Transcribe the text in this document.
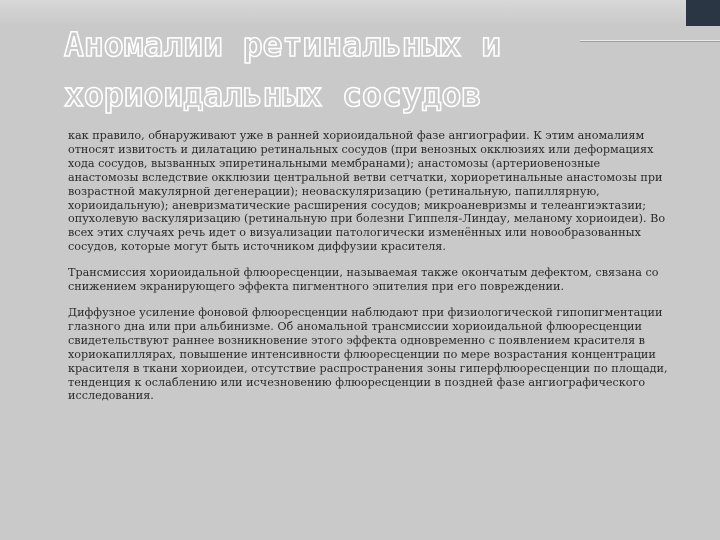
Аномалии ретинальных и хориоидальных сосудов

как правило, обнаруживают уже в ранней хориоидальной фазе ангиографии. К этим аномалиям относят извитость и дилатацию ретинальных сосудов (при венозных окклюзиях или деформациях хода сосудов, вызванных эпиретинальными мембранами); анастомозы (артериовенозные анастомозы вследствие окклюзии центральной ветви сетчатки, хориоретинальные анастомозы при возрастной макулярной дегенерации); неоваскуляризацию (ретинальную, папиллярную, хориоидальную); аневризматические расширения сосудов; микроаневризмы и телеангиэктазии; опухолевую васкуляризацию (ретинальную при болезни Гиппеля-Линдау, меланому хориоидеи). Во всех этих случаях речь идет о визуализации патологически изменённых или новообразованных сосудов, которые могут быть источником диффузии красителя.

Трансмиссия хориоидальной флюоресценции, называемая также окончатым дефектом, связана со снижением экранирующего эффекта пигментного эпителия при его повреждении.

Диффузное усиление фоновой флюоресценции наблюдают при физиологической гипопигментации глазного дна или при альбинизме. Об аномальной трансмиссии хориоидальной флюоресценции свидетельствуют раннее возникновение этого эффекта одновременно с появлением красителя в хориокапиллярах, повышение интенсивности флюоресценции по мере возрастания концентрации красителя в ткани хориоидеи, отсутствие распространения зоны гиперфлюоресценции по площади, тенденция к ослаблению или исчезновению флюоресценции в поздней фазе ангиографического исследования.
